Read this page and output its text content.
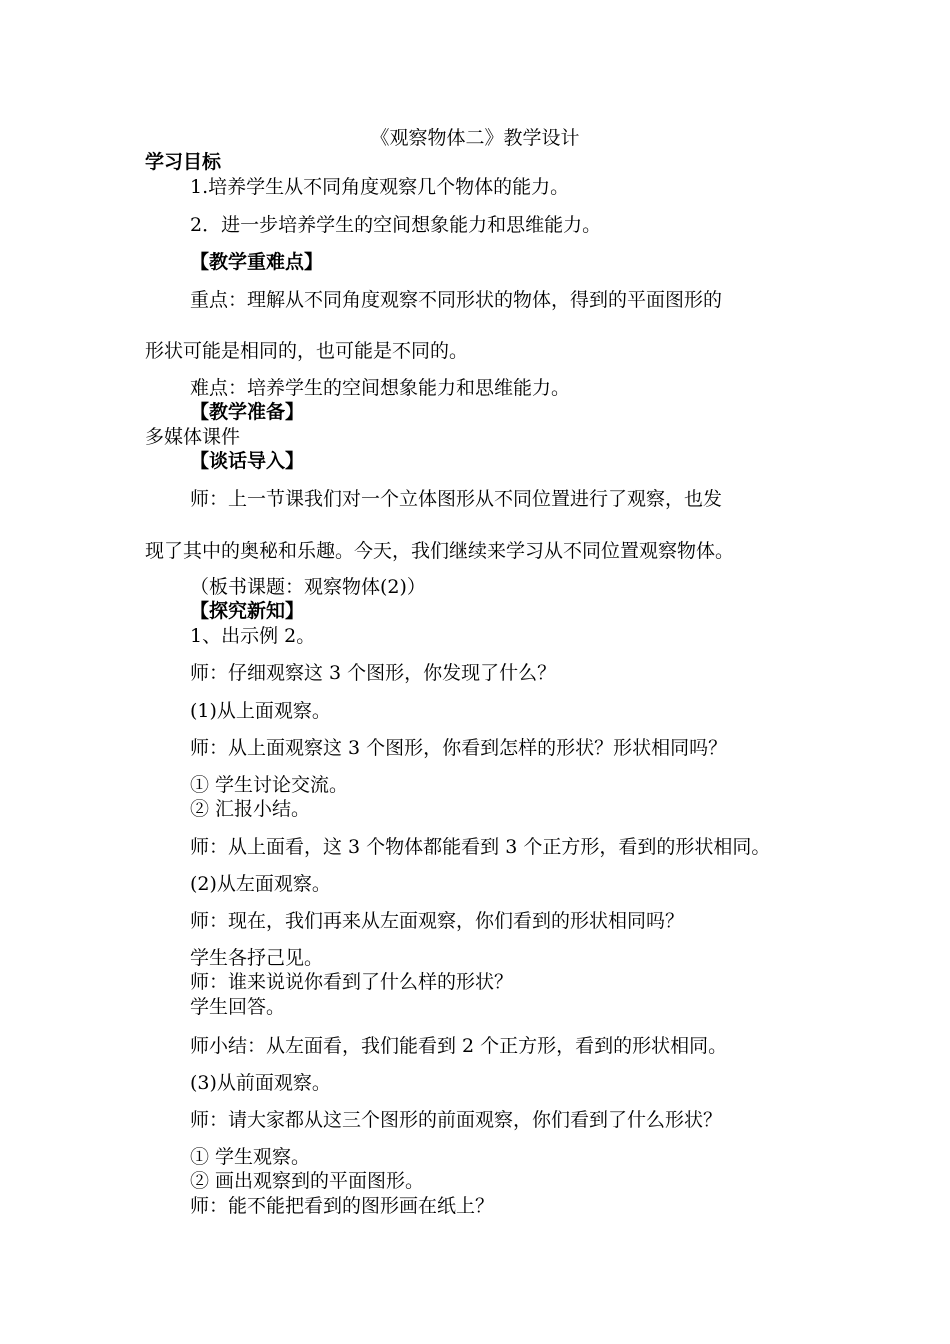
《观察物体二》教学设计
学习目标
1.培养学生从不同角度观察几个物体的能力。
2．进一步培养学生的空间想象能力和思维能力。
【教学重难点】
重点：理解从不同角度观察不同形状的物体，得到的平面图形的
形状可能是相同的，也可能是不同的。
难点：培养学生的空间想象能力和思维能力。
【教学准备】
多媒体课件
【谈话导入】
师：上一节课我们对一个立体图形从不同位置进行了观察，也发
现了其中的奥秘和乐趣。今天，我们继续来学习从不同位置观察物体。
（板书课题：观察物体(2)）
【探究新知】
1、出示例 2。
师：仔细观察这 3 个图形，你发现了什么？
(1)从上面观察。
师：从上面观察这 3 个图形，你看到怎样的形状？形状相同吗？
① 学生讨论交流。
② 汇报小结。
师：从上面看，这 3 个物体都能看到 3 个正方形，看到的形状相同。
(2)从左面观察。
师：现在，我们再来从左面观察，你们看到的形状相同吗？
学生各抒己见。
师：谁来说说你看到了什么样的形状？
学生回答。
师小结：从左面看，我们能看到 2 个正方形，看到的形状相同。
(3)从前面观察。
师：请大家都从这三个图形的前面观察，你们看到了什么形状？
① 学生观察。
② 画出观察到的平面图形。
师：能不能把看到的图形画在纸上？
